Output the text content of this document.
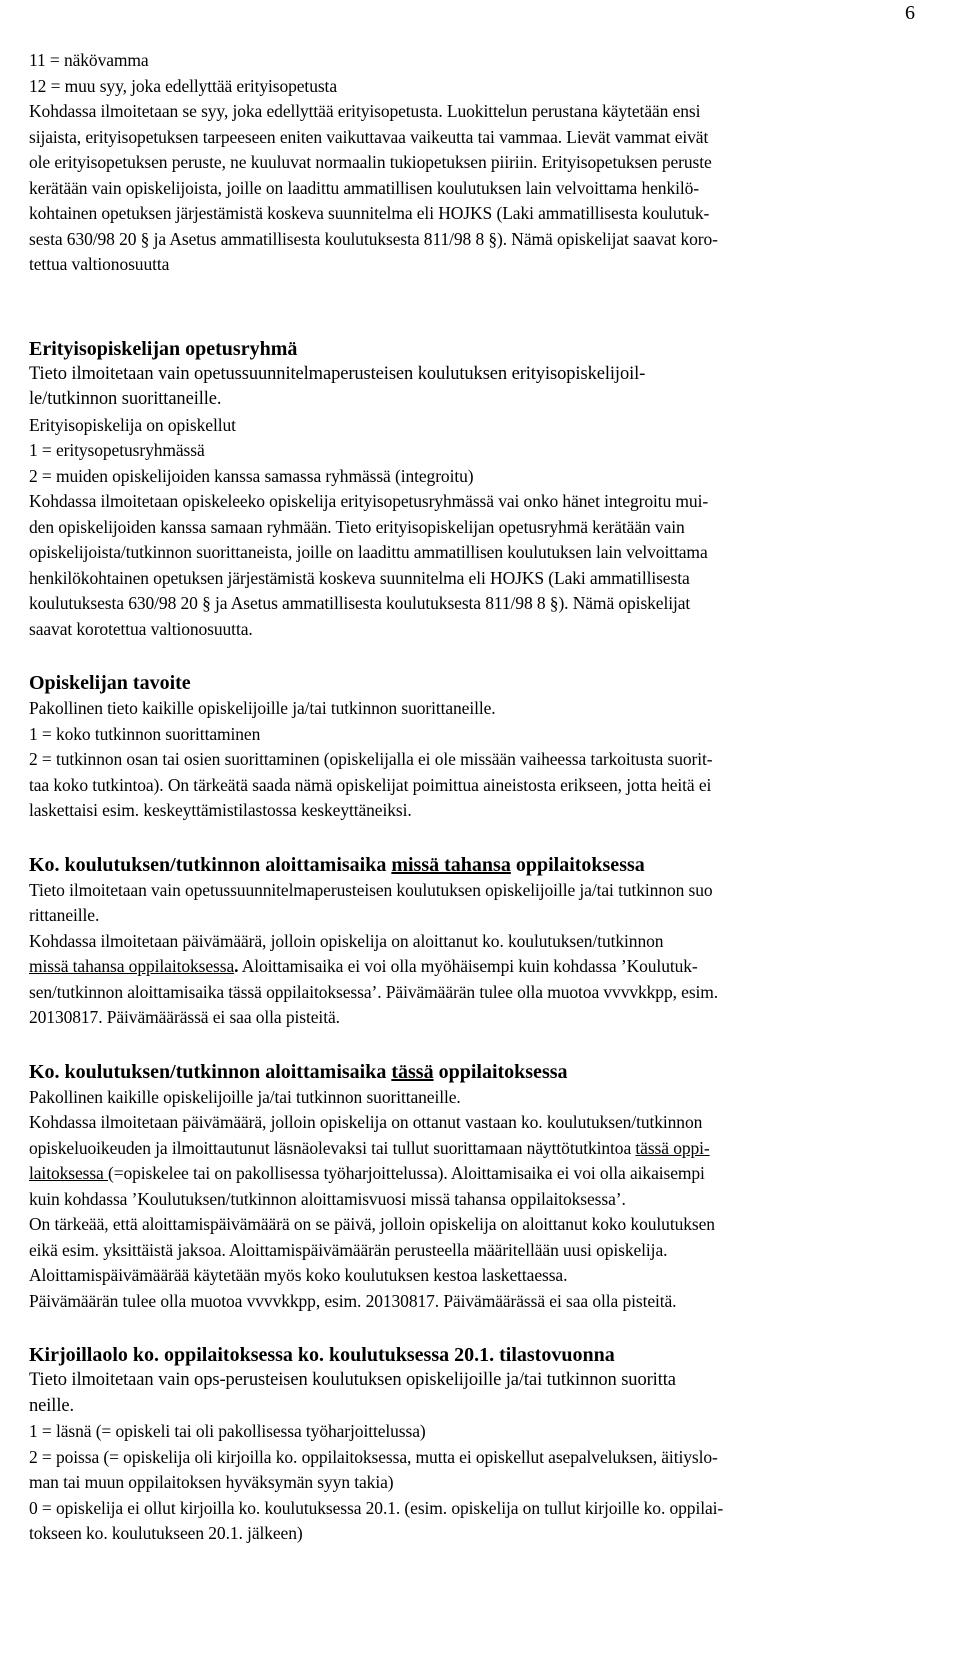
6
11 = näkövamma
12 = muu syy, joka edellyttää erityisopetusta
Kohdassa ilmoitetaan se syy, joka edellyttää erityisopetusta. Luokittelun perustana käytetään ensi
sijaista, erityisopetuksen tarpeeseen eniten vaikuttavaa vaikeutta tai vammaa. Lievät vammat eivät
ole erityisopetuksen peruste, ne kuuluvat normaalin tukiopetuksen piiriin. Erityisopetuksen peruste
kerätään vain opiskelijoista, joille on laadittu ammatillisen koulutuksen lain velvoittama henkilö-
kohtainen opetuksen järjestämistä koskeva suunnitelma eli HOJKS (Laki ammatillisesta koulutuk-
sesta 630/98 20 § ja Asetus ammatillisesta koulutuksesta 811/98 8 §). Nämä opiskelijat saavat koro-
tettua valtionosuutta
Erityisopiskelijan opetusryhmä
Tieto ilmoitetaan vain opetussuunnitelmaperusteisen koulutuksen erityisopiskelijoil-
le/tutkinnon suorittaneille.
Erityisopiskelija on opiskellut
1 = eritysopetusryhmässä
2 = muiden opiskelijoiden kanssa samassa ryhmässä (integroitu)
Kohdassa ilmoitetaan opiskeleeko opiskelija erityisopetusryhmässä vai onko hänet integroitu mui-
den opiskelijoiden kanssa samaan ryhmään. Tieto erityisopiskelijan opetusryhmä kerätään vain
opiskelijoista/tutkinnon suorittaneista, joille on laadittu ammatillisen koulutuksen lain velvoittama
henkilökohtainen opetuksen järjestämistä koskeva suunnitelma eli HOJKS (Laki ammatillisesta
koulutuksesta 630/98 20 § ja Asetus ammatillisesta koulutuksesta 811/98 8 §). Nämä opiskelijat
saavat korotettua valtionosuutta.
Opiskelijan tavoite
Pakollinen tieto kaikille opiskelijoille ja/tai tutkinnon suorittaneille.
1 = koko tutkinnon suorittaminen
2 = tutkinnon osan tai osien suorittaminen (opiskelijalla ei ole missään vaiheessa tarkoitusta suorit-
taa koko tutkintoa). On tärkeätä saada nämä opiskelijat poimittua aineistosta erikseen, jotta heitä ei
laskettaisi esim. keskeyttämistilastossa keskeyttäneiksi.
Ko. koulutuksen/tutkinnon aloittamisaika missä tahansa oppilaitoksessa
Tieto ilmoitetaan vain opetussuunnitelmaperusteisen koulutuksen opiskelijoille ja/tai tutkinnon suo
rittaneille.
Kohdassa ilmoitetaan päivämäärä, jolloin opiskelija on aloittanut ko. koulutuksen/tutkinnon
missä tahansa oppilaitoksessa. Aloittamisaika ei voi olla myöhäisempi kuin kohdassa ’Koulutuk-
sen/tutkinnon aloittamisaika tässä oppilaitoksessa’. Päivämäärän tulee olla muotoa vvvvkkpp, esim.
20130817. Päivämäärässä ei saa olla pisteitä.
Ko. koulutuksen/tutkinnon aloittamisaika tässä oppilaitoksessa
Pakollinen kaikille opiskelijoille ja/tai tutkinnon suorittaneille.
Kohdassa ilmoitetaan päivämäärä, jolloin opiskelija on ottanut vastaan ko. koulutuksen/tutkinnon
opiskeluoikeuden ja ilmoittautunut läsnäolevaksi tai tullut suorittamaan näyttötutkintoa tässä oppi-
laitoksessa (=opiskelee tai on pakollisessa työharjoittelussa). Aloittamisaika ei voi olla aikaisempi
kuin kohdassa ’Koulutuksen/tutkinnon aloittamisvuosi missä tahansa oppilaitoksessa’.
On tärkeää, että aloittamispäivämäärä on se päivä, jolloin opiskelija on aloittanut koko koulutuksen
eikä esim. yksittäistä jaksoa. Aloittamispäivämäärän perusteella määritellään uusi opiskelija.
Aloittamispäivämäärää käytetään myös koko koulutuksen kestoa laskettaessa.
Päivämäärän tulee olla muotoa vvvvkkpp, esim. 20130817. Päivämäärässä ei saa olla pisteitä.
Kirjoillaolo ko. oppilaitoksessa ko. koulutuksessa 20.1. tilastovuonna
Tieto ilmoitetaan vain ops-perusteisen koulutuksen opiskelijoille ja/tai tutkinnon suoritta
neille.
1 = läsnä (= opiskeli tai oli pakollisessa työharjoittelussa)
2 = poissa (= opiskelija oli kirjoilla ko. oppilaitoksessa, mutta ei opiskellut asepalveluksen, äitiyslo-
man tai muun oppilaitoksen hyväksymän syyn takia)
0 = opiskelija ei ollut kirjoilla ko. koulutuksessa 20.1. (esim. opiskelija on tullut kirjoille ko. oppilai-
tokseen ko. koulutukseen 20.1. jälkeen)
